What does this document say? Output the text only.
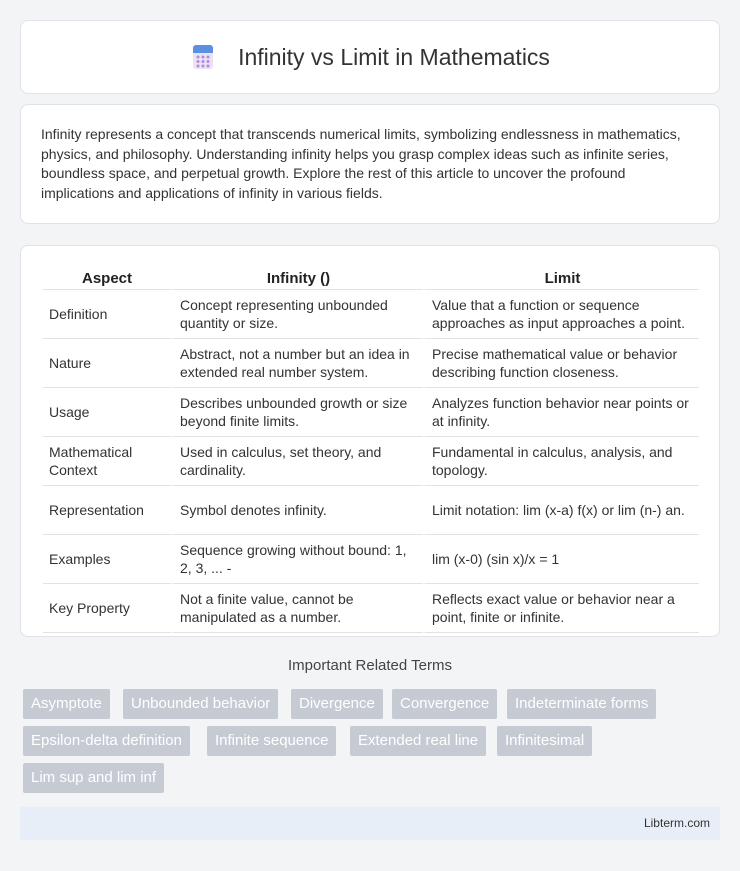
Infinity vs Limit in Mathematics

Infinity represents a concept that transcends numerical limits, symbolizing endlessness in mathematics, physics, and philosophy. Understanding infinity helps you grasp complex ideas such as infinite series, boundless space, and perpetual growth. Explore the rest of this article to uncover the profound implications and applications of infinity in various fields.

Aspect	Infinity ()	Limit
Definition	Concept representing unbounded quantity or size.	Value that a function or sequence approaches as input approaches a point.
Nature	Abstract, not a number but an idea in extended real number system.	Precise mathematical value or behavior describing function closeness.
Usage	Describes unbounded growth or size beyond finite limits.	Analyzes function behavior near points or at infinity.
Mathematical Context	Used in calculus, set theory, and cardinality.	Fundamental in calculus, analysis, and topology.
Representation	Symbol denotes infinity.	Limit notation: lim (x-a) f(x) or lim (n-) an.
Examples	Sequence growing without bound: 1, 2, 3, ... -	lim (x-0) (sin x)/x = 1
Key Property	Not a finite value, cannot be manipulated as a number.	Reflects exact value or behavior near a point, finite or infinite.
Important Related Terms
Asymptote	Unbounded behavior	Divergence	Convergence	Indeterminate forms
Epsilon-delta definition	Infinite sequence	Extended real line	Infinitesimal
Lim sup and lim inf
Libterm.com
